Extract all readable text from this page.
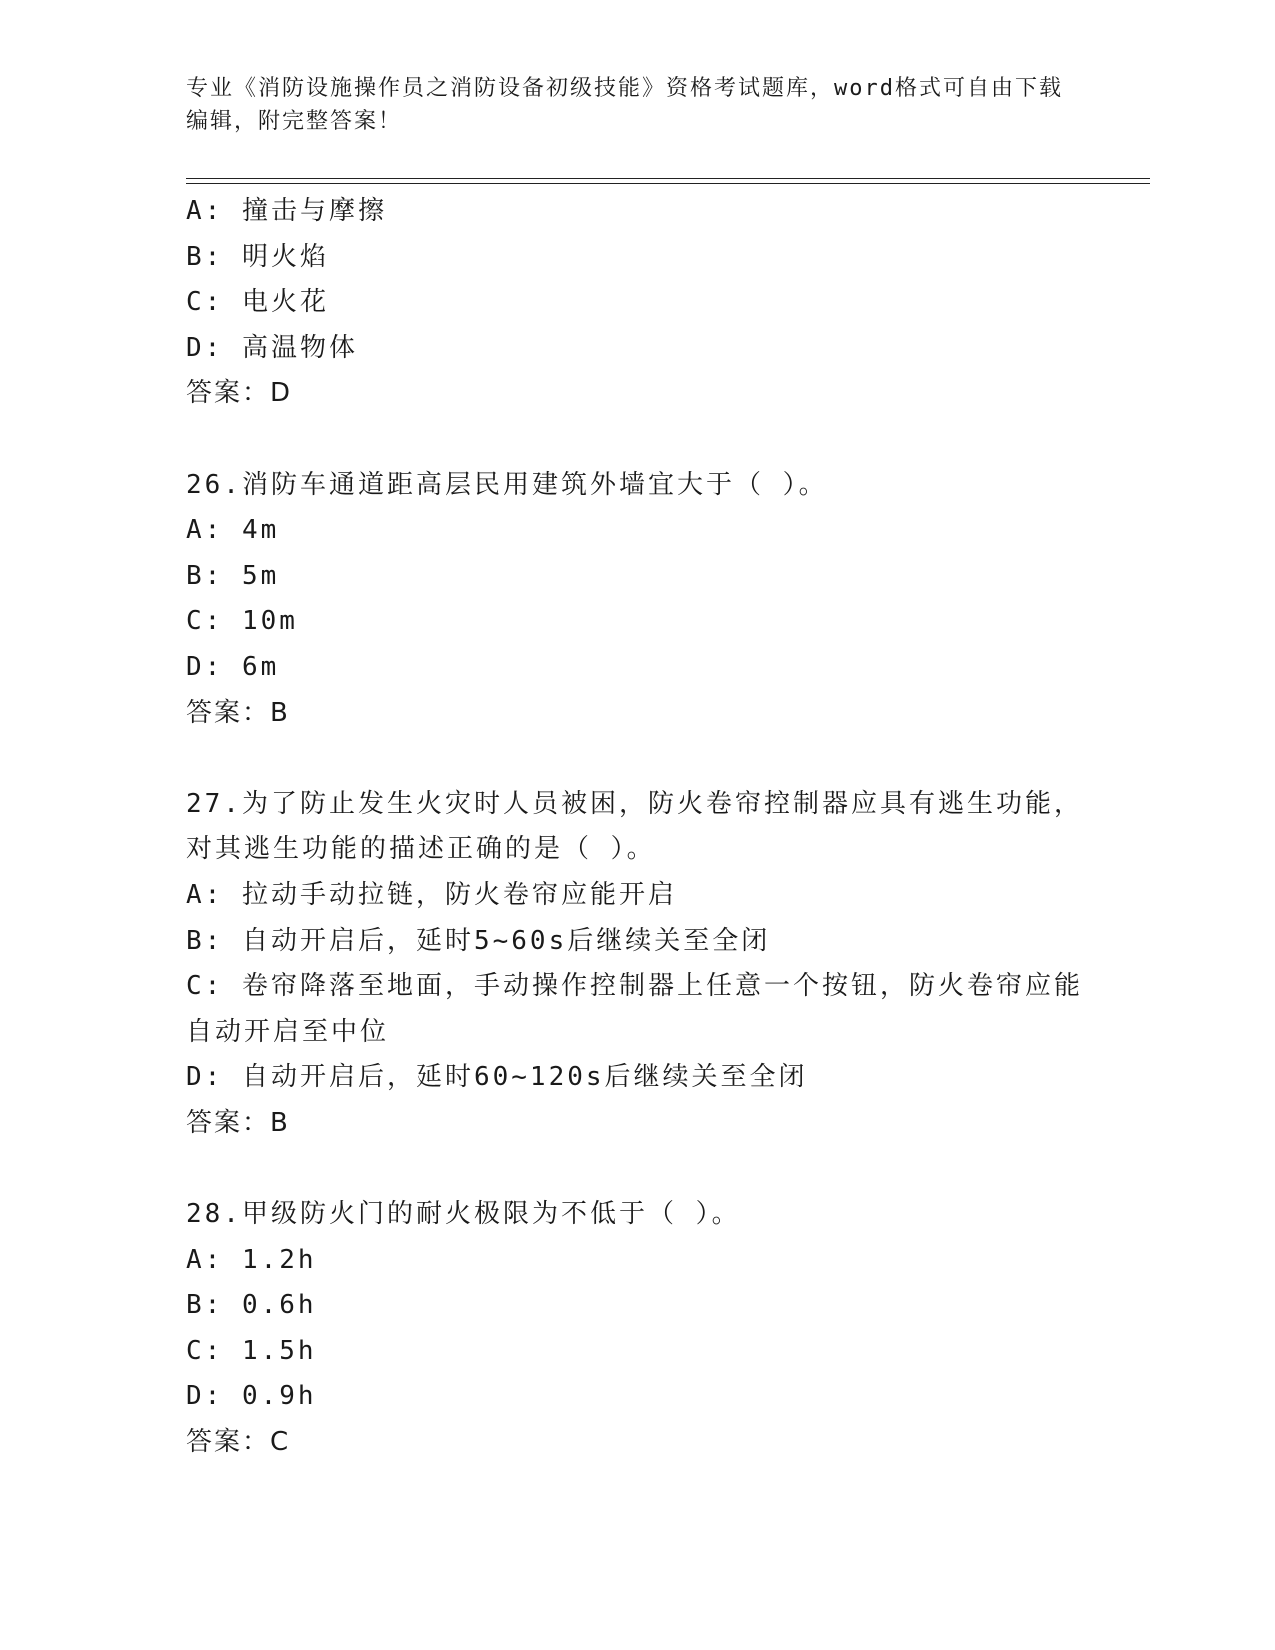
专业《消防设施操作员之消防设备初级技能》资格考试题库，word格式可自由下载编辑，附完整答案！

A: 撞击与摩擦

B: 明火焰

C: 电火花

D: 高温物体

答案：D

26.消防车通道距高层民用建筑外墙宜大于（ ）。

A: 4m

B: 5m

C: 10m

D: 6m

答案：B

27.为了防止发生火灾时人员被困，防火卷帘控制器应具有逃生功能，对其逃生功能的描述正确的是（ ）。

A: 拉动手动拉链，防火卷帘应能开启

B: 自动开启后，延时5~60s后继续关至全闭

C: 卷帘降落至地面，手动操作控制器上任意一个按钮，防火卷帘应能自动开启至中位

D: 自动开启后，延时60~120s后继续关至全闭

答案：B

28.甲级防火门的耐火极限为不低于（ ）。

A: 1.2h

B: 0.6h

C: 1.5h

D: 0.9h

答案：C
